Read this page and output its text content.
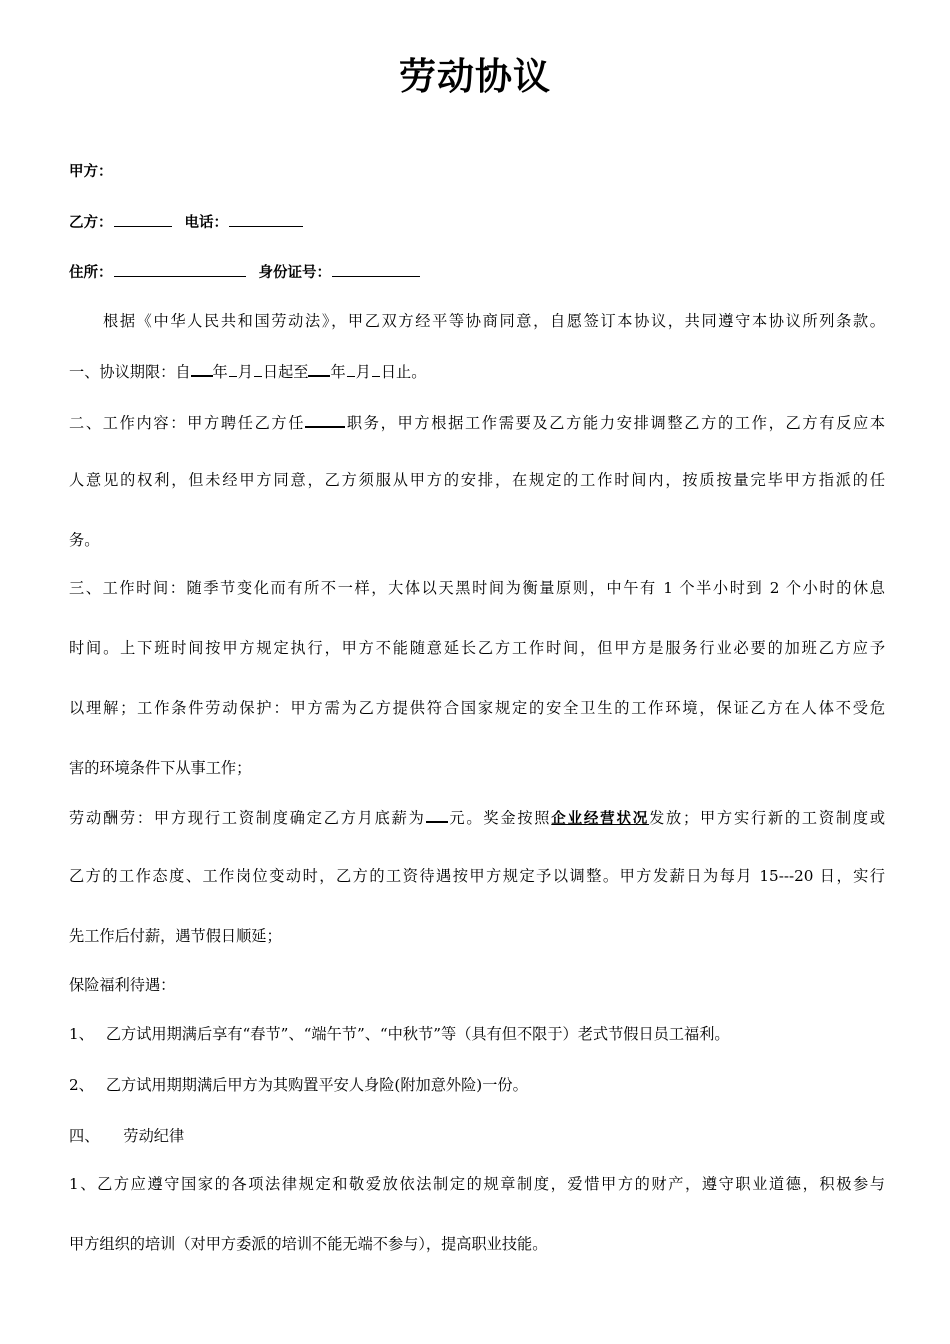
劳动协议
甲方：
乙方：	电话：
住所：	身份证号：
根据《中华人民共和国劳动法》，甲乙双方经平等协商同意，自愿签订本协议，共同遵守本协议所列条款。
一、协议期限：自 年 月 日起至 年 月 日止。
二、工作内容：甲方聘任乙方任	职务，甲方根据工作需要及乙方能力安排调整乙方的工作，乙方有反应本
人意见的权利，但未经甲方同意，乙方须服从甲方的安排，在规定的工作时间内，按质按量完毕甲方指派的任
务。
三、工作时间：随季节变化而有所不一样，大体以天黑时间为衡量原则，中午有 1 个半小时到 2 个小时的休息
时间。上下班时间按甲方规定执行，甲方不能随意延长乙方工作时间，但甲方是服务行业必要的加班乙方应予
以理解；工作条件劳动保护：甲方需为乙方提供符合国家规定的安全卫生的工作环境，保证乙方在人体不受危
害的环境条件下从事工作；
劳动酬劳：甲方现行工资制度确定乙方月底薪为 元。奖金按照企业经营状况发放；甲方实行新的工资制度或
乙方的工作态度、工作岗位变动时，乙方的工资待遇按甲方规定予以调整。甲方发薪日为每月 15---20 日，实行
先工作后付薪，遇节假日顺延；
保险福利待遇：
1、 乙方试用期满后享有“春节”、“端午节”、“中秋节”等（具有但不限于）老式节假日员工福利。
2、 乙方试用期期满后甲方为其购置平安人身险(附加意外险)一份。
四、 劳动纪律
1、乙方应遵守国家的各项法律规定和敬爱放依法制定的规章制度，爱惜甲方的财产，遵守职业道德，积极参与
甲方组织的培训（对甲方委派的培训不能无端不参与），提高职业技能。
